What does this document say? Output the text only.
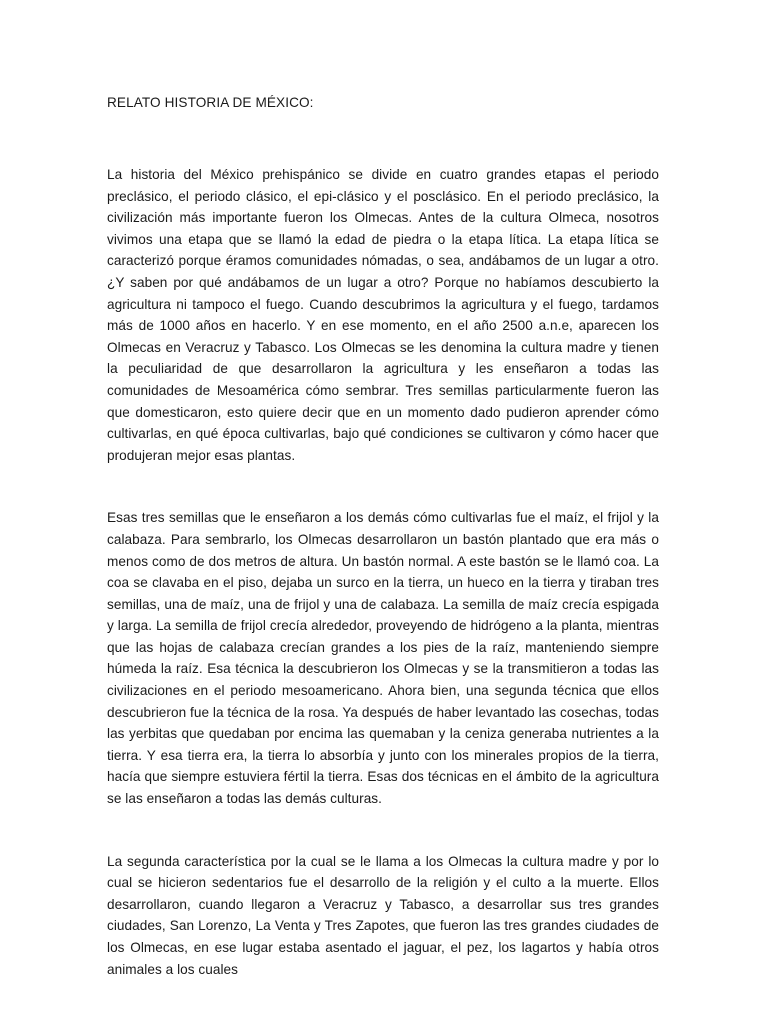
RELATO HISTORIA DE MÉXICO:

La historia del México prehispánico se divide en cuatro grandes etapas el periodo preclásico, el periodo clásico, el epi-clásico y el posclásico. En el periodo preclásico, la civilización más importante fueron los Olmecas. Antes de la cultura Olmeca, nosotros vivimos una etapa que se llamó la edad de piedra o la etapa lítica. La etapa lítica se caracterizó porque éramos comunidades nómadas, o sea, andábamos de un lugar a otro. ¿Y saben por qué andábamos de un lugar a otro? Porque no habíamos descubierto la agricultura ni tampoco el fuego. Cuando descubrimos la agricultura y el fuego, tardamos más de 1000 años en hacerlo. Y en ese momento, en el año 2500 a.n.e, aparecen los Olmecas en Veracruz y Tabasco. Los Olmecas se les denomina la cultura madre y tienen la peculiaridad de que desarrollaron la agricultura y les enseñaron a todas las comunidades de Mesoamérica cómo sembrar. Tres semillas particularmente fueron las que domesticaron, esto quiere decir que en un momento dado pudieron aprender cómo cultivarlas, en qué época cultivarlas, bajo qué condiciones se cultivaron y cómo hacer que produjeran mejor esas plantas.

Esas tres semillas que le enseñaron a los demás cómo cultivarlas fue el maíz, el frijol y la calabaza. Para sembrarlo, los Olmecas desarrollaron un bastón plantado que era más o menos como de dos metros de altura. Un bastón normal. A este bastón se le llamó coa. La coa se clavaba en el piso, dejaba un surco en la tierra, un hueco en la tierra y tiraban tres semillas, una de maíz, una de frijol y una de calabaza. La semilla de maíz crecía espigada y larga. La semilla de frijol crecía alrededor, proveyendo de hidrógeno a la planta, mientras que las hojas de calabaza crecían grandes a los pies de la raíz, manteniendo siempre húmeda la raíz. Esa técnica la descubrieron los Olmecas y se la transmitieron a todas las civilizaciones en el periodo mesoamericano. Ahora bien, una segunda técnica que ellos descubrieron fue la técnica de la rosa. Ya después de haber levantado las cosechas, todas las yerbitas que quedaban por encima las quemaban y la ceniza generaba nutrientes a la tierra. Y esa tierra era, la tierra lo absorbía y junto con los minerales propios de la tierra, hacía que siempre estuviera fértil la tierra. Esas dos técnicas en el ámbito de la agricultura se las enseñaron a todas las demás culturas.

La segunda característica por la cual se le llama a los Olmecas la cultura madre y por lo cual se hicieron sedentarios fue el desarrollo de la religión y el culto a la muerte. Ellos desarrollaron, cuando llegaron a Veracruz y Tabasco, a desarrollar sus tres grandes ciudades, San Lorenzo, La Venta y Tres Zapotes, que fueron las tres grandes ciudades de los Olmecas, en ese lugar estaba asentado el jaguar, el pez, los lagartos y había otros animales a los cuales
